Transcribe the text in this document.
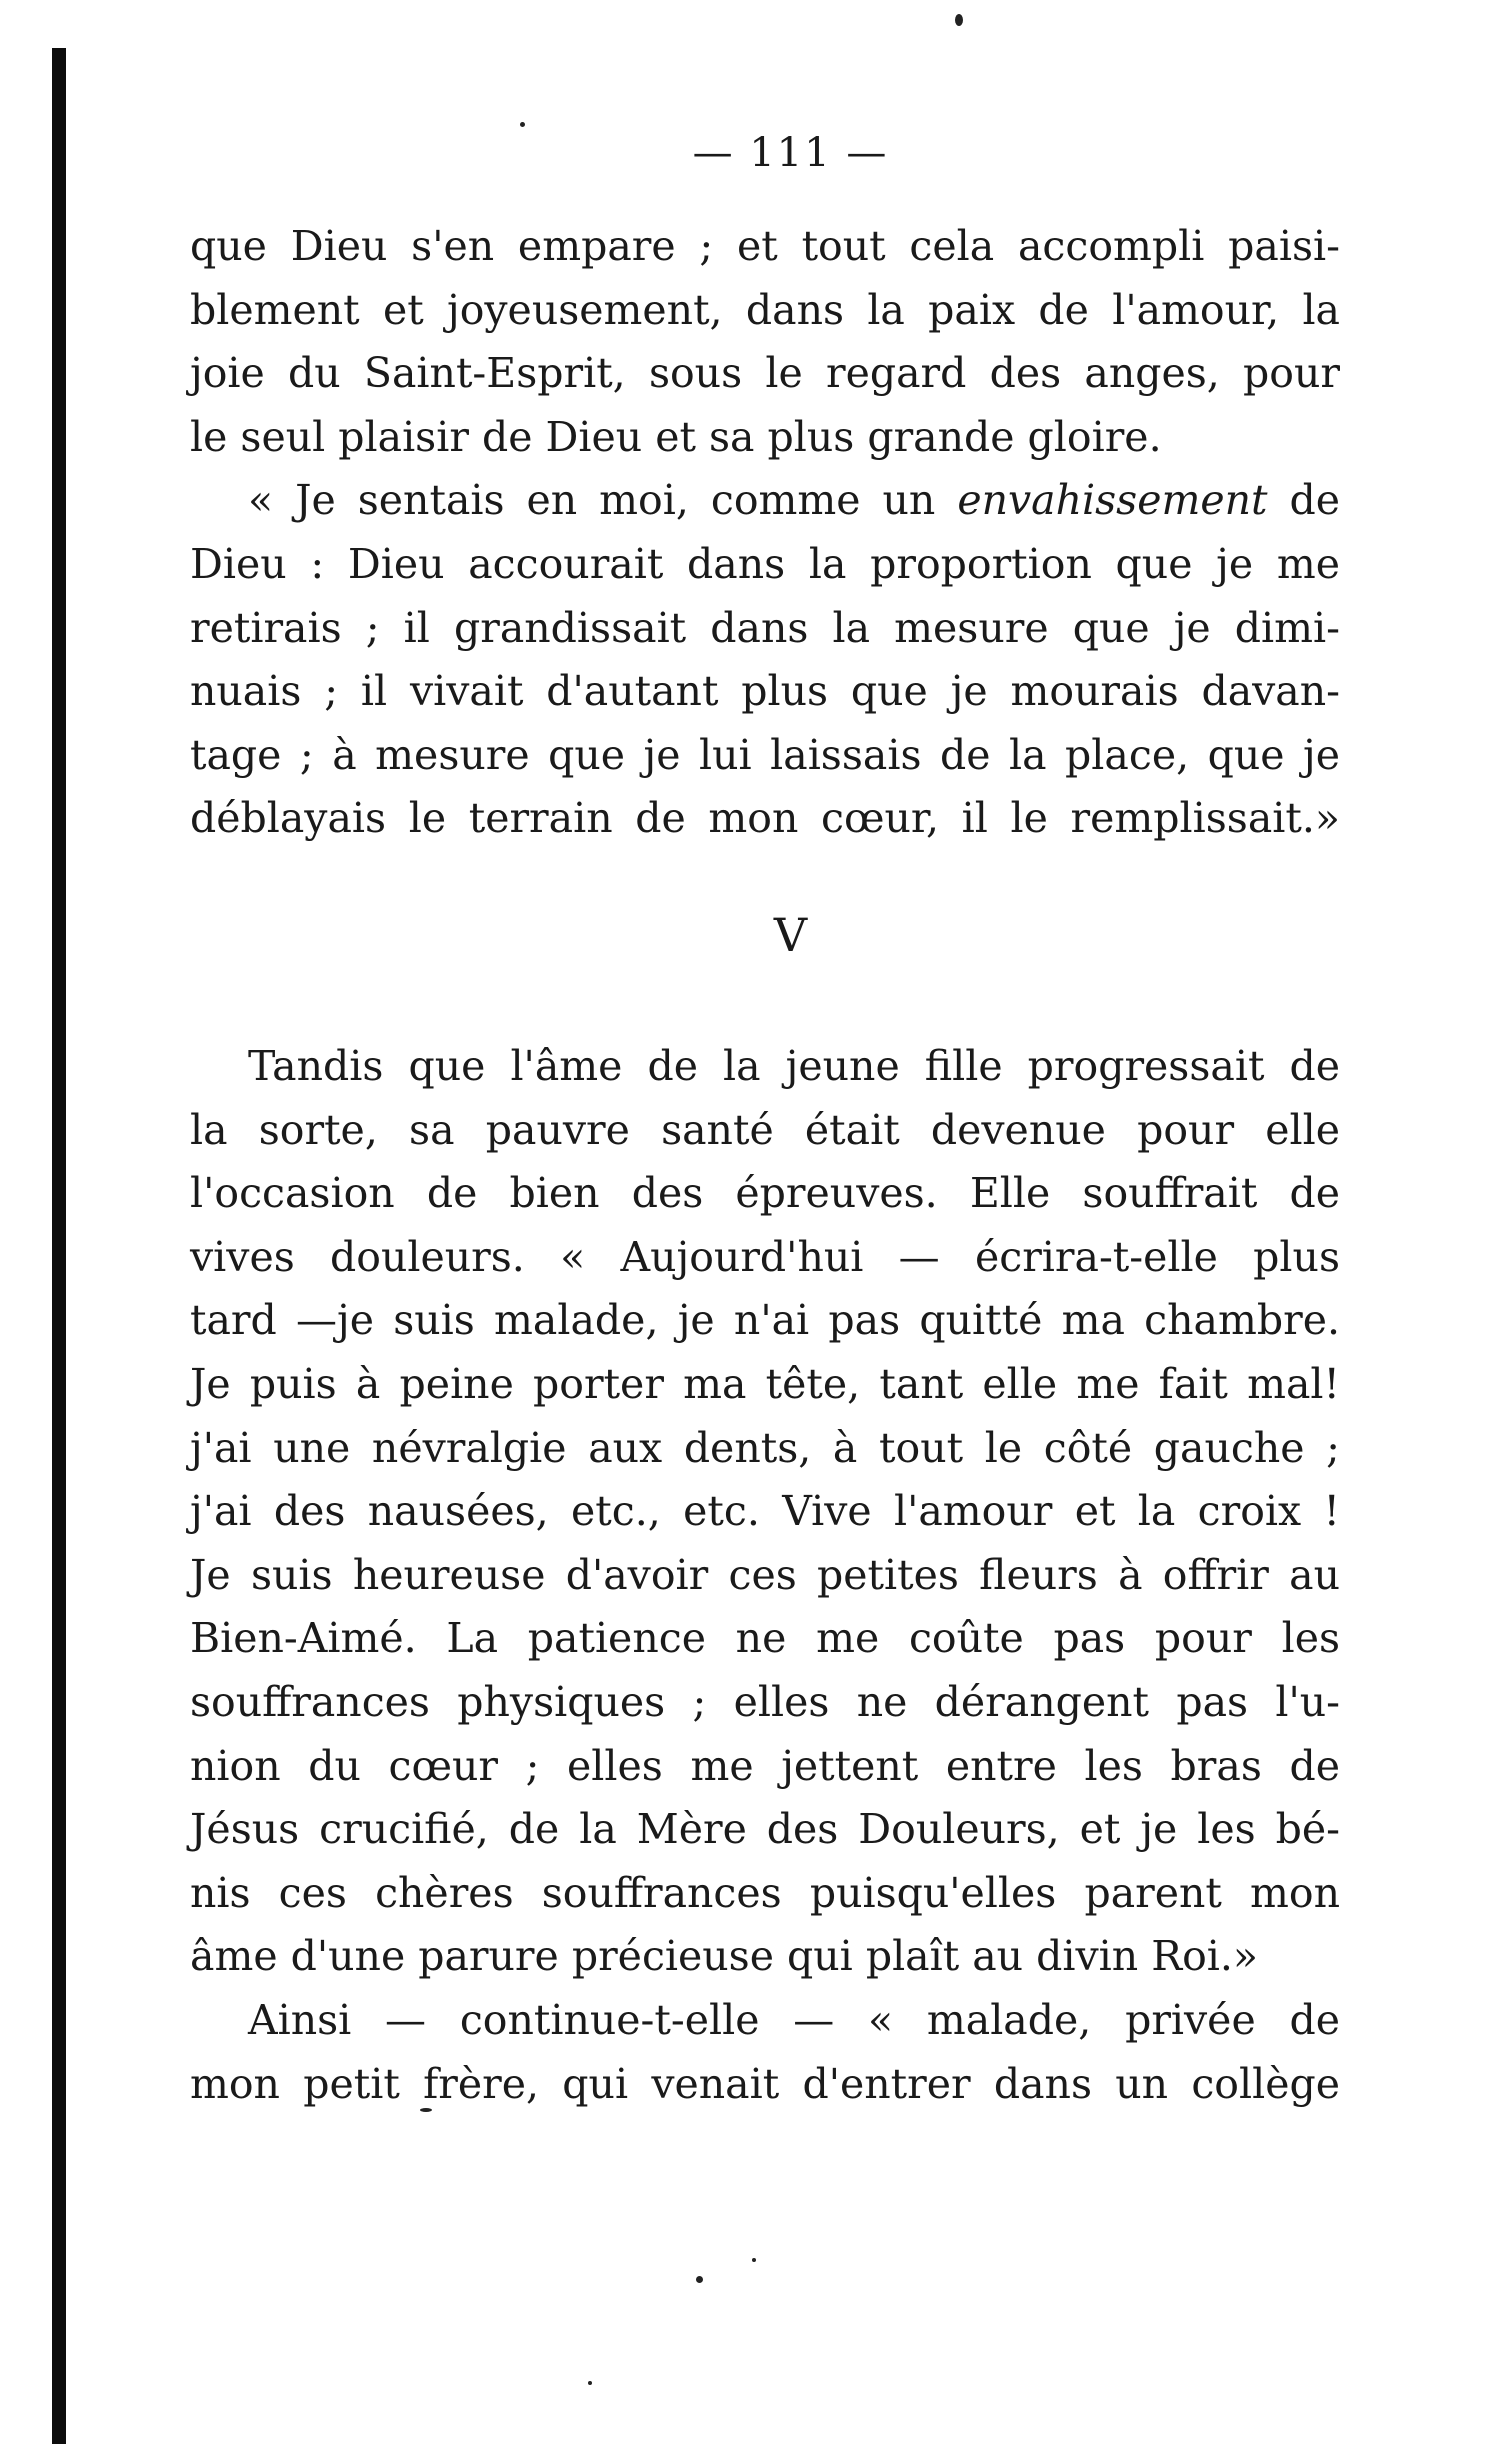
— 111 —

que Dieu s'en empare ; et tout cela accompli paisi-

blement et joyeusement, dans la paix de l'amour, la

joie du Saint-Esprit, sous le regard des anges, pour

le seul plaisir de Dieu et sa plus grande gloire.

« Je sentais en moi, comme un envahissement de

Dieu : Dieu accourait dans la proportion que je me

retirais ; il grandissait dans la mesure que je dimi-

nuais ; il vivait d'autant plus que je mourais davan-

tage ; à mesure que je lui laissais de la place, que je

déblayais le terrain de mon cœur, il le remplissait.»

V

Tandis que l'âme de la jeune fille progressait de

la sorte, sa pauvre santé était devenue pour elle

l'occasion de bien des épreuves. Elle souffrait de

vives douleurs. « Aujourd'hui — écrira-t-elle plus

tard —je suis malade, je n'ai pas quitté ma chambre.

Je puis à peine porter ma tête, tant elle me fait mal!

j'ai une névralgie aux dents, à tout le côté gauche ;

j'ai des nausées, etc., etc. Vive l'amour et la croix !

Je suis heureuse d'avoir ces petites fleurs à offrir au

Bien-Aimé. La patience ne me coûte pas pour les

souffrances physiques ; elles ne dérangent pas l'u-

nion du cœur ; elles me jettent entre les bras de

Jésus crucifié, de la Mère des Douleurs, et je les bé-

nis ces chères souffrances puisqu'elles parent mon

âme d'une parure précieuse qui plaît au divin Roi.»

Ainsi — continue-t-elle — « malade, privée de

mon petit frère, qui venait d'entrer dans un collège
